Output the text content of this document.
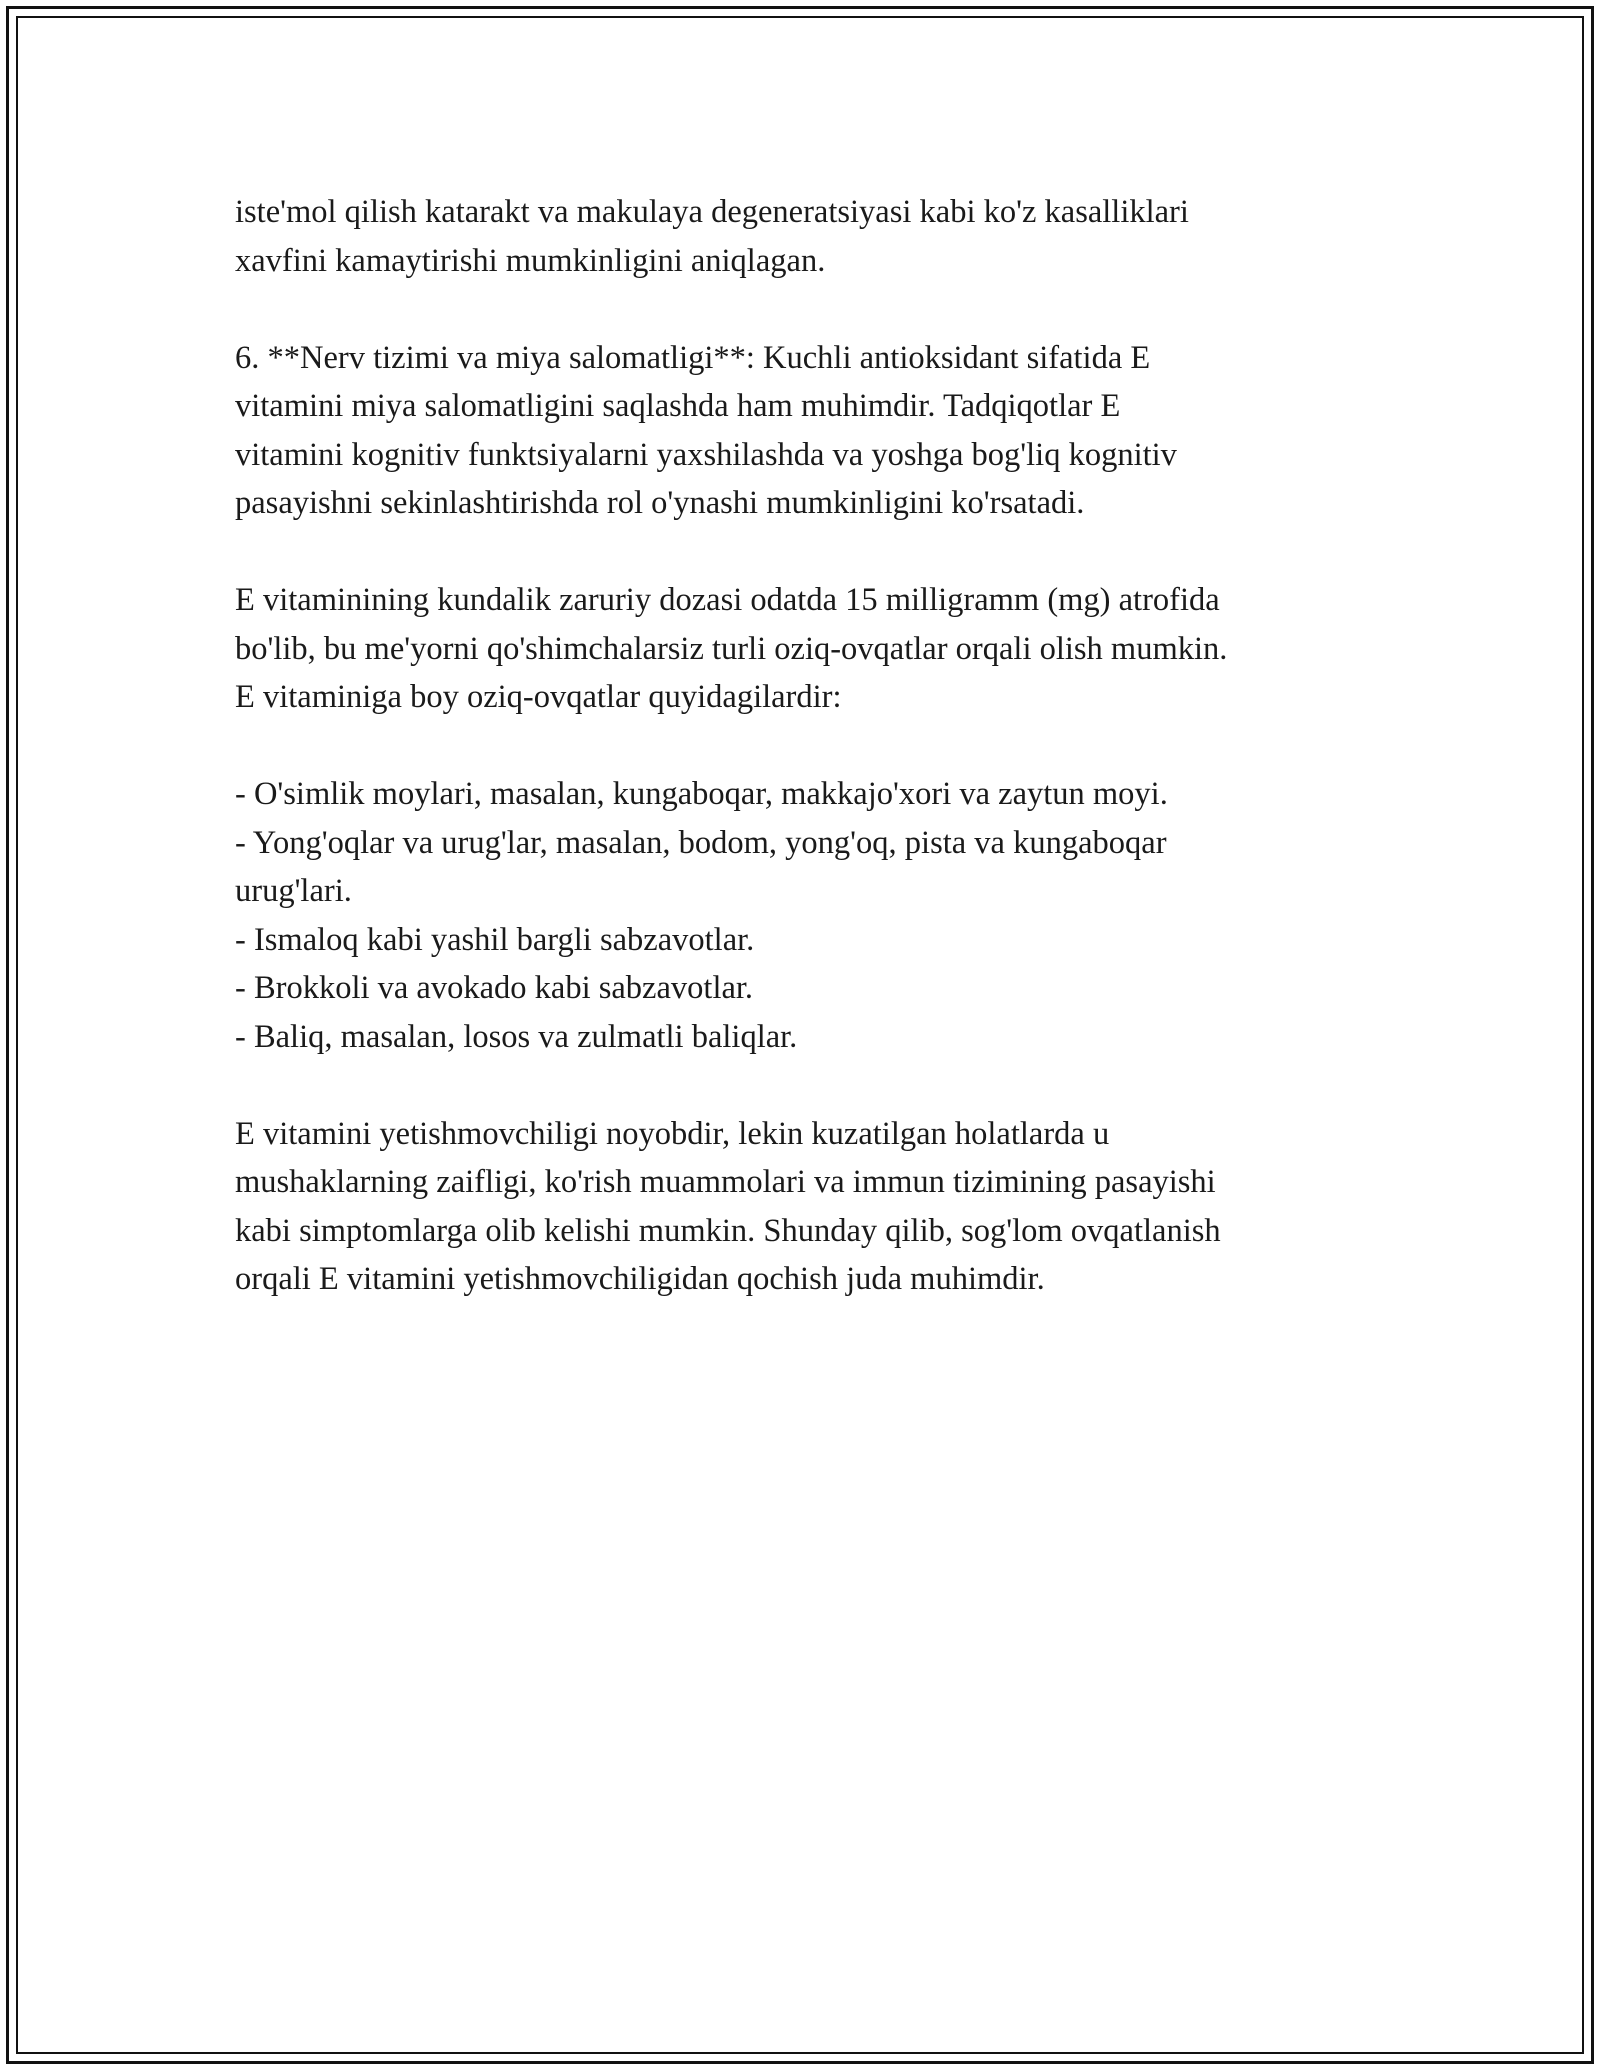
iste'mol qilish katarakt va makulaya degeneratsiyasi kabi ko'z kasalliklari
xavfini kamaytirishi mumkinligini aniqlagan.
6. **Nerv tizimi va miya salomatligi**: Kuchli antioksidant sifatida E
vitamini miya salomatligini saqlashda ham muhimdir. Tadqiqotlar E
vitamini kognitiv funktsiyalarni yaxshilashda va yoshga bog'liq kognitiv
pasayishni sekinlashtirishda rol o'ynashi mumkinligini ko'rsatadi.
E vitaminining kundalik zaruriy dozasi odatda 15 milligramm (mg) atrofida
bo'lib, bu me'yorni qo'shimchalarsiz turli oziq-ovqatlar orqali olish mumkin.
E vitaminiga boy oziq-ovqatlar quyidagilardir:
- O'simlik moylari, masalan, kungaboqar, makkajo'xori va zaytun moyi.
- Yong'oqlar va urug'lar, masalan, bodom, yong'oq, pista va kungaboqar
urug'lari.
- Ismaloq kabi yashil bargli sabzavotlar.
- Brokkoli va avokado kabi sabzavotlar.
- Baliq, masalan, losos va zulmatli baliqlar.
E vitamini yetishmovchiligi noyobdir, lekin kuzatilgan holatlarda u
mushaklarning zaifligi, ko'rish muammolari va immun tizimining pasayishi
kabi simptomlarga olib kelishi mumkin. Shunday qilib, sog'lom ovqatlanish
orqali E vitamini yetishmovchiligidan qochish juda muhimdir.
